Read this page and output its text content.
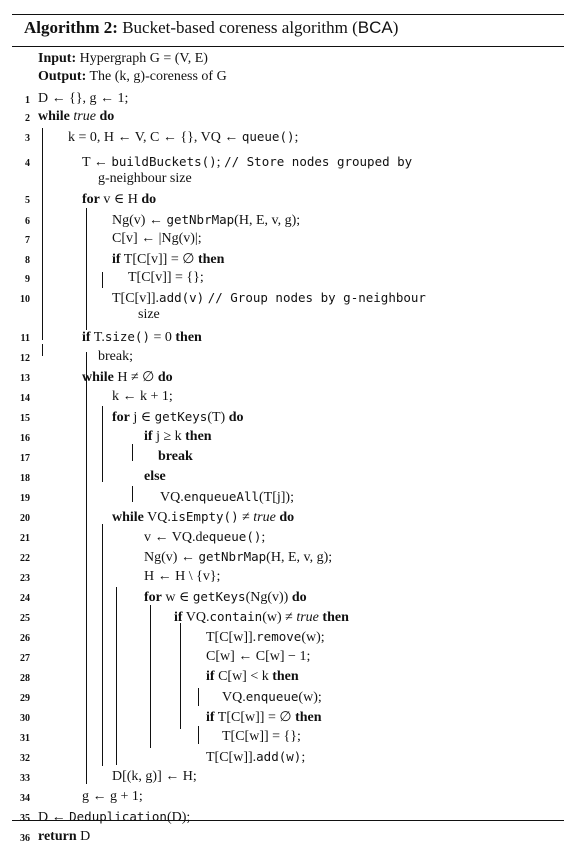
Algorithm 2: Bucket-based coreness algorithm (BCA)
Input: Hypergraph G = (V, E)
Output: The (k, g)-coreness of G
1 D ← {}, g ← 1;
2 while true do
3	k = 0, H ← V, C ← {}, VQ ← queue();
4	T ← buildBuckets(); // Store nodes grouped by
g-neighbour size
5	for v ∈ H do
6	Ng(v) ← getNbrMap(H, E, v, g);
7	C[v] ← |Ng(v)|;
8	if T[C[v]] = ∅ then
9	T[C[v]] = {};
10	T[C[v]].add(v) // Group nodes by g-neighbour
size
11	if T.size() = 0 then
12	break;
13	while H ≠ ∅ do
14	k ← k + 1;
15	for j ∈ getKeys(T) do
16	if j ≥ k then
17	break
18	else
19	VQ.enqueueAll(T[j]);
20	while VQ.isEmpty() ≠ true do
21	v ← VQ.dequeue();
22	Ng(v) ← getNbrMap(H, E, v, g);
23	H ← H \ {v};
24	for w ∈ getKeys(Ng(v)) do
25	if VQ.contain(w) ≠ true then
26	T[C[w]].remove(w);
27	C[w] ← C[w] − 1;
28	if C[w] < k then
29	VQ.enqueue(w);
30	if T[C[w]] = ∅ then
31	T[C[w]] = {};
32	T[C[w]].add(w);
33	D[(k, g)] ← H;
34	g ← g + 1;
35 D ← Deduplication(D);
36 return D
